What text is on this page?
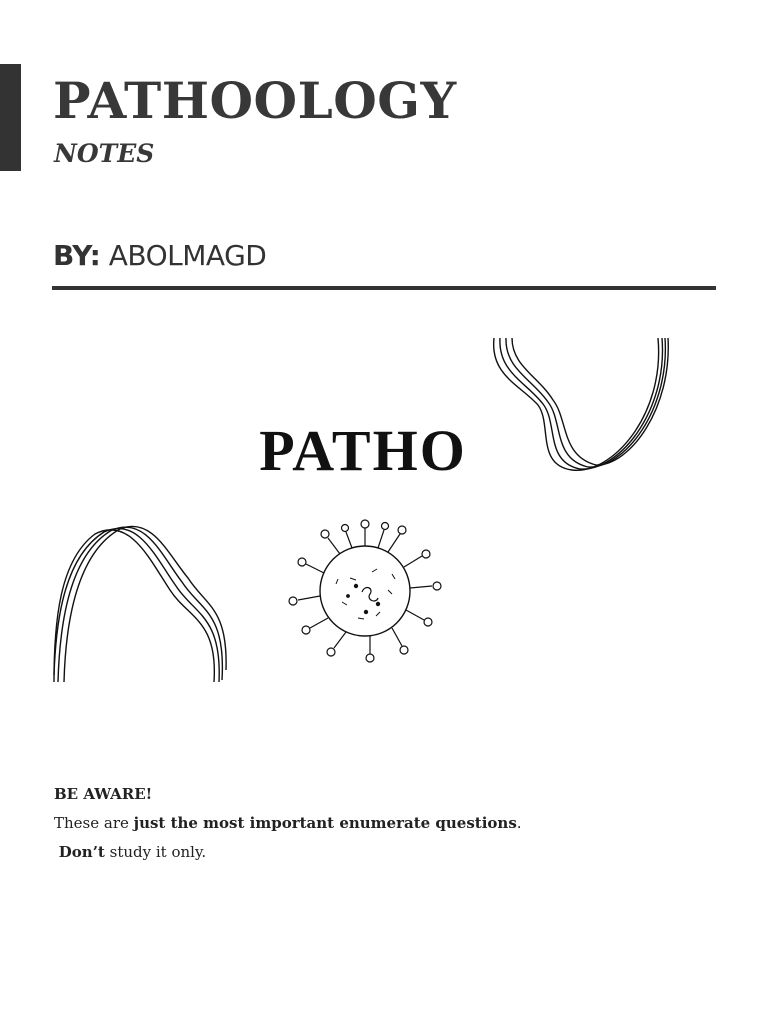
PATHOOLOGY
NOTES
BY: ABOLMAGD
PATHO

BE AWARE!

These are just the most important enumerate questions.

Don’t study it only.
